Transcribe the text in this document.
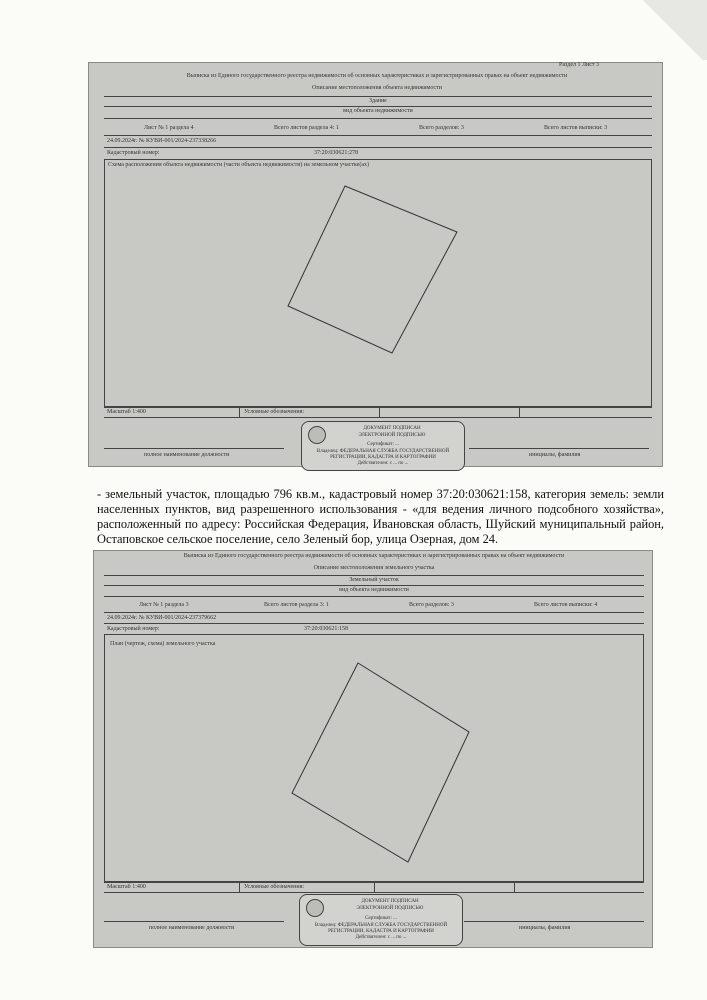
Раздел 1 Лист 3
Выписка из Единого государственного реестра недвижимости об основных характеристиках и зарегистрированных правах на объект недвижимости
Описание местоположения объекта недвижимости
Здание
вид объекта недвижимости
Лист № 1 раздела 4	Всего листов раздела 4: 1	Всего разделов: 3	Всего листов выписки: 3
24.09.2024г. № КУВИ-001/2024-237338266
Кадастровый номер:	37:20:030621:278
Схема расположения объекта недвижимости (части объекта недвижимости) на земельном участке(ах)
Масштаб 1:400	Условные обозначения:
полное наименование должности	инициалы, фамилия
ДОКУМЕНТ ПОДПИСАН
ЭЛЕКТРОННОЙ ПОДПИСЬЮ
Сертификат: ...
Владелец: ФЕДЕРАЛЬНАЯ СЛУЖБА ГОСУДАРСТВЕННОЙ
РЕГИСТРАЦИИ, КАДАСТРА И КАРТОГРАФИИ
Действителен: с ... по ...
- земельный участок, площадью 796 кв.м., кадастровый номер 37:20:030621:158, категория земель: земли населенных пунктов, вид разрешенного использования - «для ведения личного подсобного хозяйства», расположенный по адресу: Российская Федерация, Ивановская область, Шуйский муниципальный район, Остаповское сельское поселение, село Зеленый бор, улица Озерная, дом 24.
Выписка из Единого государственного реестра недвижимости об основных характеристиках и зарегистрированных правах на объект недвижимости
Описание местоположения земельного участка
Земельный участок
вид объекта недвижимости
Лист № 1 раздела 3	Всего листов раздела 3: 1	Всего разделов: 3	Всего листов выписки: 4
24.09.2024г. № КУВИ-001/2024-237379662
Кадастровый номер:	37:20:030621:158
План (чертеж, схема) земельного участка
Масштаб 1:400	Условные обозначения:
полное наименование должности	инициалы, фамилия
ДОКУМЕНТ ПОДПИСАН
ЭЛЕКТРОННОЙ ПОДПИСЬЮ
Сертификат: ...
Владелец: ФЕДЕРАЛЬНАЯ СЛУЖБА ГОСУДАРСТВЕННОЙ
РЕГИСТРАЦИИ, КАДАСТРА И КАРТОГРАФИИ
Действителен: с ... по ...
